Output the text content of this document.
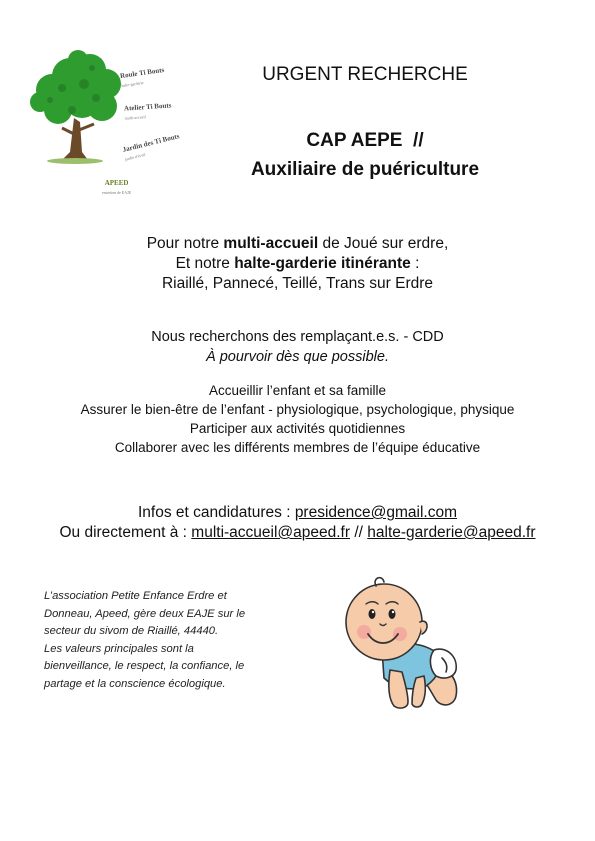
Roule Ti Bouts
halte-garderie
Atelier Ti Bouts
multi-accueil
Jardin des Ti Bouts
jardin d'éveil
APEED
entretien de EAJE
URGENT RECHERCHE
CAP AEPE  //
Auxiliaire de puériculture
Pour notre multi-accueil de Joué sur erdre,
Et notre halte-garderie itinérante :
Riaillé, Pannecé, Teillé, Trans sur Erdre
Nous recherchons des remplaçant.e.s. - CDD
À pourvoir dès que possible.
Accueillir l’enfant et sa famille
Assurer le bien-être de l’enfant - physiologique, psychologique, physique
Participer aux activités quotidiennes
Collaborer avec les différents membres de l’équipe éducative
Infos et candidatures : presidence@gmail.com
Ou directement à : multi-accueil@apeed.fr // halte-garderie@apeed.fr
L’association Petite Enfance Erdre et
Donneau, Apeed, gère deux EAJE sur le
secteur du sivom de Riaillé, 44440.
Les valeurs principales sont la
bienveillance, le respect, la confiance, le
partage et la conscience écologique.
